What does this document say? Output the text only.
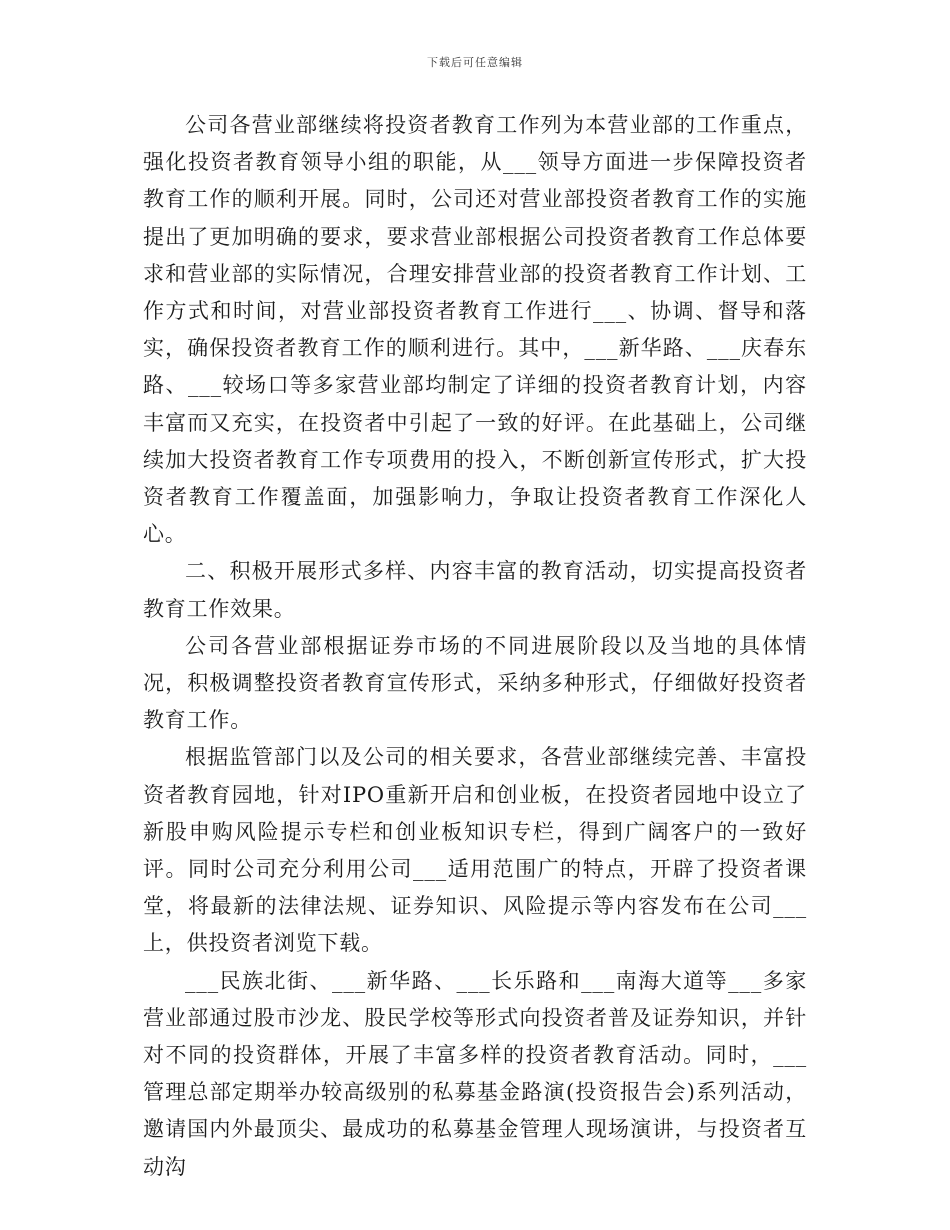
下载后可任意编辑

公司各营业部继续将投资者教育工作列为本营业部的工作重点，强化投资者教育领导小组的职能，从___领导方面进一步保障投资者教育工作的顺利开展。同时，公司还对营业部投资者教育工作的实施提出了更加明确的要求，要求营业部根据公司投资者教育工作总体要求和营业部的实际情况，合理安排营业部的投资者教育工作计划、工作方式和时间，对营业部投资者教育工作进行___、协调、督导和落实，确保投资者教育工作的顺利进行。其中，___新华路、___庆春东路、___较场口等多家营业部均制定了详细的投资者教育计划，内容丰富而又充实，在投资者中引起了一致的好评。在此基础上，公司继续加大投资者教育工作专项费用的投入，不断创新宣传形式，扩大投资者教育工作覆盖面，加强影响力，争取让投资者教育工作深化人心。

二、积极开展形式多样、内容丰富的教育活动，切实提高投资者教育工作效果。

公司各营业部根据证券市场的不同进展阶段以及当地的具体情况，积极调整投资者教育宣传形式，采纳多种形式，仔细做好投资者教育工作。

根据监管部门以及公司的相关要求，各营业部继续完善、丰富投资者教育园地，针对IPO重新开启和创业板，在投资者园地中设立了新股申购风险提示专栏和创业板知识专栏，得到广阔客户的一致好评。同时公司充分利用公司___适用范围广的特点，开辟了投资者课堂，将最新的法律法规、证券知识、风险提示等内容发布在公司___上，供投资者浏览下载。

___民族北街、___新华路、___长乐路和___南海大道等___多家营业部通过股市沙龙、股民学校等形式向投资者普及证券知识，并针对不同的投资群体，开展了丰富多样的投资者教育活动。同时，___管理总部定期举办较高级别的私募基金路演(投资报告会)系列活动，邀请国内外最顶尖、最成功的私募基金管理人现场演讲，与投资者互动沟
